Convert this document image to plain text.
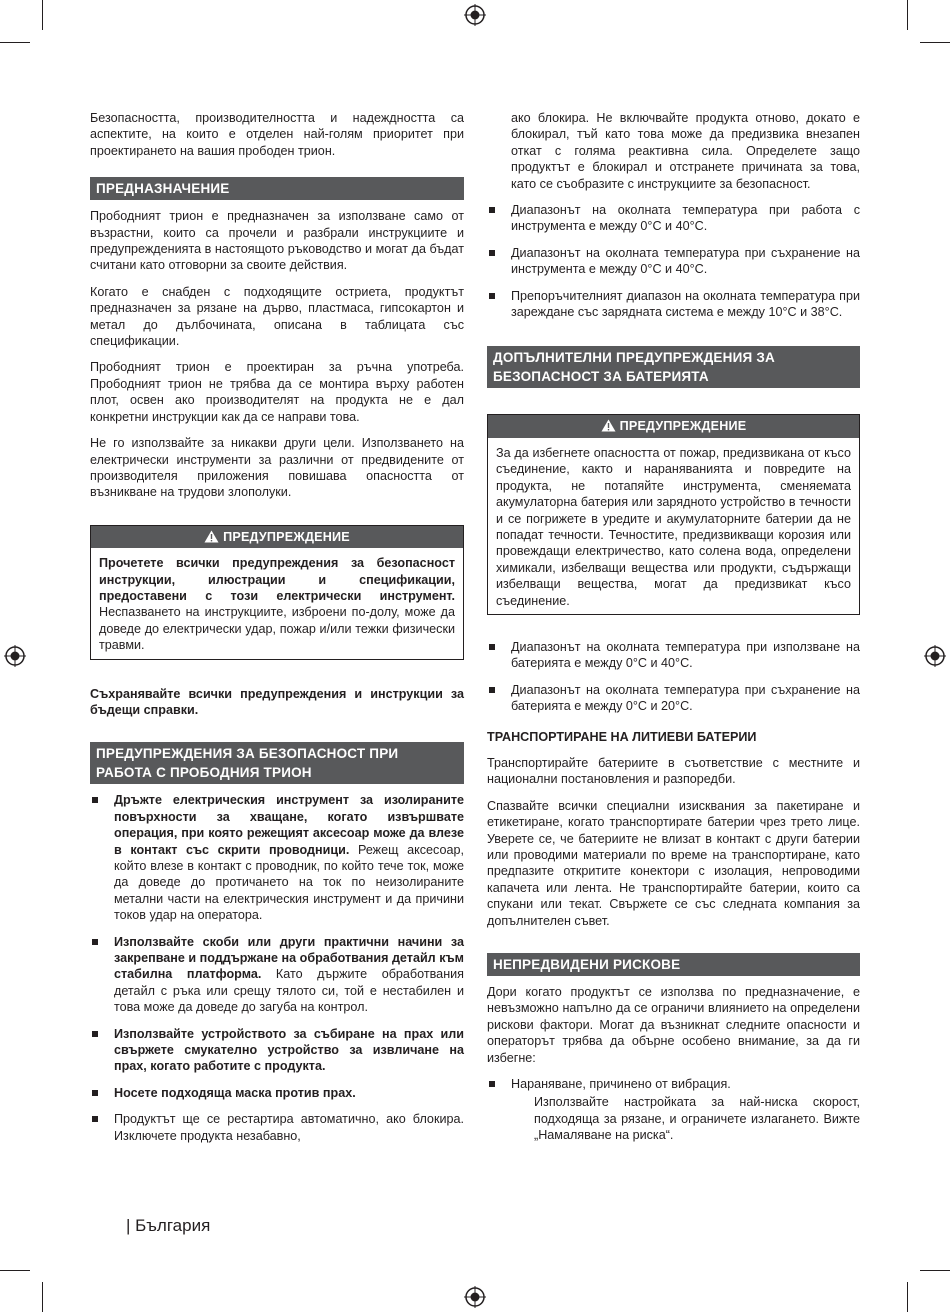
Безопасността, производителността и надеждността са аспектите, на които е отделен най-голям приоритет при проектирането на вашия прободен трион.

ПРЕДНАЗНАЧЕНИЕ

Прободният трион е предназначен за използване само от възрастни, които са прочели и разбрали инструкциите и предупрежденията в настоящото ръководство и могат да бъдат считани като отговорни за своите действия.

Когато е снабден с подходящите остриета, продуктът предназначен за рязане на дърво, пластмаса, гипсокартон и метал до дълбочината, описана в таблицата със спецификации.

Прободният трион е проектиран за ръчна употреба. Прободният трион не трябва да се монтира върху работен плот, освен ако производителят на продукта не е дал конкретни инструкции как да се направи това.

Не го използвайте за никакви други цели. Използването на електрически инструменти за различни от предвидените от производителя приложения повишава опасността от възникване на трудови злополуки.

ПРЕДУПРЕЖДЕНИЕ

Прочетете всички предупреждения за безопасност инструкции, илюстрации и спецификации, предоставени с този електрически инструмент. Неспазването на инструкциите, изброени по-долу, може да доведе до електрически удар, пожар и/или тежки физически травми.

Съхранявайте всички предупреждения и инструкции за бъдещи справки.

ПРЕДУПРЕЖДЕНИЯ ЗА БЕЗОПАСНОСТ ПРИ РАБОТА С ПРОБОДНИЯ ТРИОН
Дръжте електрическия инструмент за изолираните повърхности за хващане, когато извършвате операция, при която режещият аксесоар може да влезе в контакт със скрити проводници. Режещ аксесоар, който влезе в контакт с проводник, по който тече ток, може да доведе до протичането на ток по неизолираните метални части на електрическия инструмент и да причини токов удар на оператора.
Използвайте скоби или други практични начини за закрепване и поддържане на обработвания детайл към стабилна платформа. Като държите обработвания детайл с ръка или срещу тялото си, той е нестабилен и това може да доведе до загуба на контрол.
Използвайте устройството за събиране на прах или свържете смукателно устройство за извличане на прах, когато работите с продукта.
Носете подходяща маска против прах.
Продуктът ще се рестартира автоматично, ако блокира. Изключете продукта незабавно,

ако блокира. Не включвайте продукта отново, докато е блокирал, тъй като това може да предизвика внезапен откат с голяма реактивна сила. Определете защо продуктът е блокирал и отстранете причината за това, като се съобразите с инструкциите за безопасност.

Диапазонът на околната температура при работа с инструмента е между 0°C и 40°C.
Диапазонът на околната температура при съхранение на инструмента е между 0°C и 40°C.
Препоръчителният диапазон на околната температура при зареждане със зарядната система е между 10°C и 38°C.
ДОПЪЛНИТЕЛНИ ПРЕДУПРЕЖДЕНИЯ ЗА БЕЗОПАСНОСТ ЗА БАТЕРИЯТА
ПРЕДУПРЕЖДЕНИЕ

За да избегнете опасността от пожар, предизвикана от късо съединение, както и нараняванията и повредите на продукта, не потапяйте инструмента, сменяемата акумулаторна батерия или зарядното устройство в течности и се погрижете в уредите и акумулаторните батерии да не попадат течности. Течностите, предизвикващи корозия или провеждащи електричество, като солена вода, определени химикали, избелващи вещества или продукти, съдържащи избелващи вещества, могат да предизвикат късо съединение.

Диапазонът на околната температура при използване на батерията е между 0°C и 40°C.
Диапазонът на околната температура при съхранение на батерията е между 0°C и 20°C.
ТРАНСПОРТИРАНЕ НА ЛИТИЕВИ БАТЕРИИ

Транспортирайте батериите в съответствие с местните и национални постановления и разпоредби.

Спазвайте всички специални изисквания за пакетиране и етикетиране, когато транспортирате батерии чрез трето лице. Уверете се, че батериите не влизат в контакт с други батерии или проводими материали по време на транспортиране, като предпазите откритите конектори с изолация, непроводими капачета или лента. Не транспортирайте батерии, които са спукани или текат. Свържете се със следната компания за допълнителен съвет.

НЕПРЕДВИДЕНИ РИСКОВЕ

Дори когато продуктът се използва по предназначение, е невъзможно напълно да се ограничи влиянието на определени рискови фактори. Могат да възникнат следните опасности и операторът трябва да обърне особено внимание, за да ги избегне:

Нараняване, причинено от вибрация.

Използвайте настройката за най-ниска скорост, подходяща за рязане, и ограничете излагането. Вижте „Намаляване на риска“.

| България
